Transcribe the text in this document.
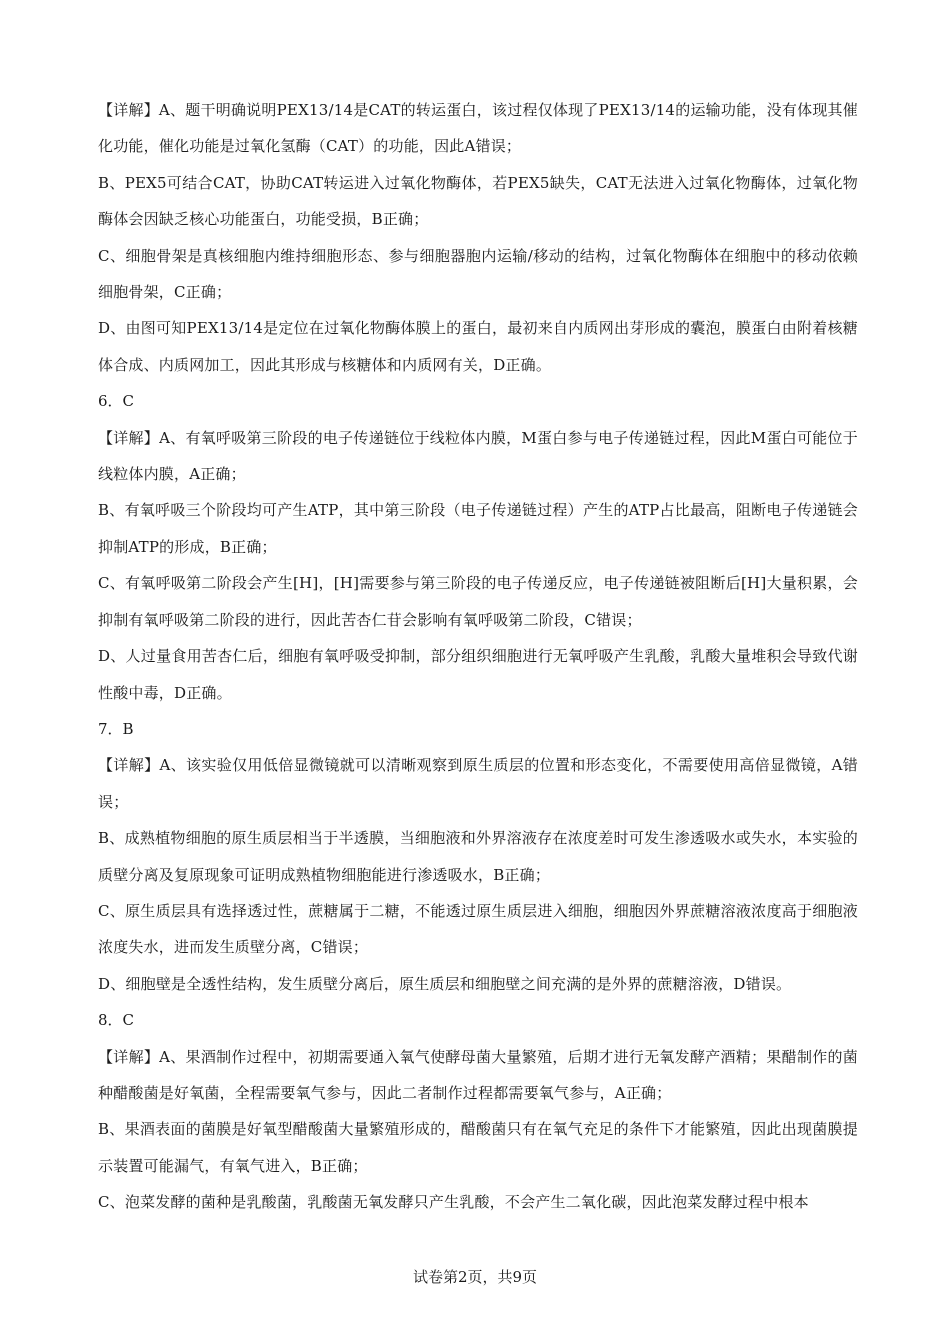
【详解】A、题干明确说明PEX13/14是CAT的转运蛋白，该过程仅体现了PEX13/14的运输功能，没有体现其催化功能，催化功能是过氧化氢酶（CAT）的功能，因此A错误；

B、PEX5可结合CAT，协助CAT转运进入过氧化物酶体，若PEX5缺失，CAT无法进入过氧化物酶体，过氧化物酶体会因缺乏核心功能蛋白，功能受损，B正确；

C、细胞骨架是真核细胞内维持细胞形态、参与细胞器胞内运输/移动的结构，过氧化物酶体在细胞中的移动依赖细胞骨架，C正确；

D、由图可知PEX13/14是定位在过氧化物酶体膜上的蛋白，最初来自内质网出芽形成的囊泡，膜蛋白由附着核糖体合成、内质网加工，因此其形成与核糖体和内质网有关，D正确。

6．C

【详解】A、有氧呼吸第三阶段的电子传递链位于线粒体内膜，M蛋白参与电子传递链过程，因此M蛋白可能位于线粒体内膜，A正确；

B、有氧呼吸三个阶段均可产生ATP，其中第三阶段（电子传递链过程）产生的ATP占比最高，阻断电子传递链会抑制ATP的形成，B正确；

C、有氧呼吸第二阶段会产生[H]，[H]需要参与第三阶段的电子传递反应，电子传递链被阻断后[H]大量积累，会抑制有氧呼吸第二阶段的进行，因此苦杏仁苷会影响有氧呼吸第二阶段，C错误；

D、人过量食用苦杏仁后，细胞有氧呼吸受抑制，部分组织细胞进行无氧呼吸产生乳酸，乳酸大量堆积会导致代谢性酸中毒，D正确。

7．B

【详解】A、该实验仅用低倍显微镜就可以清晰观察到原生质层的位置和形态变化，不需要使用高倍显微镜，A错误；

B、成熟植物细胞的原生质层相当于半透膜，当细胞液和外界溶液存在浓度差时可发生渗透吸水或失水，本实验的质壁分离及复原现象可证明成熟植物细胞能进行渗透吸水，B正确；

C、原生质层具有选择透过性，蔗糖属于二糖，不能透过原生质层进入细胞，细胞因外界蔗糖溶液浓度高于细胞液浓度失水，进而发生质壁分离，C错误；

D、细胞壁是全透性结构，发生质壁分离后，原生质层和细胞壁之间充满的是外界的蔗糖溶液，D错误。

8．C

【详解】A、果酒制作过程中，初期需要通入氧气使酵母菌大量繁殖，后期才进行无氧发酵产酒精；果醋制作的菌种醋酸菌是好氧菌，全程需要氧气参与，因此二者制作过程都需要氧气参与，A正确；

B、果酒表面的菌膜是好氧型醋酸菌大量繁殖形成的，醋酸菌只有在氧气充足的条件下才能繁殖，因此出现菌膜提示装置可能漏气，有氧气进入，B正确；

C、泡菜发酵的菌种是乳酸菌，乳酸菌无氧发酵只产生乳酸，不会产生二氧化碳，因此泡菜发酵过程中根本

试卷第2页，共9页
